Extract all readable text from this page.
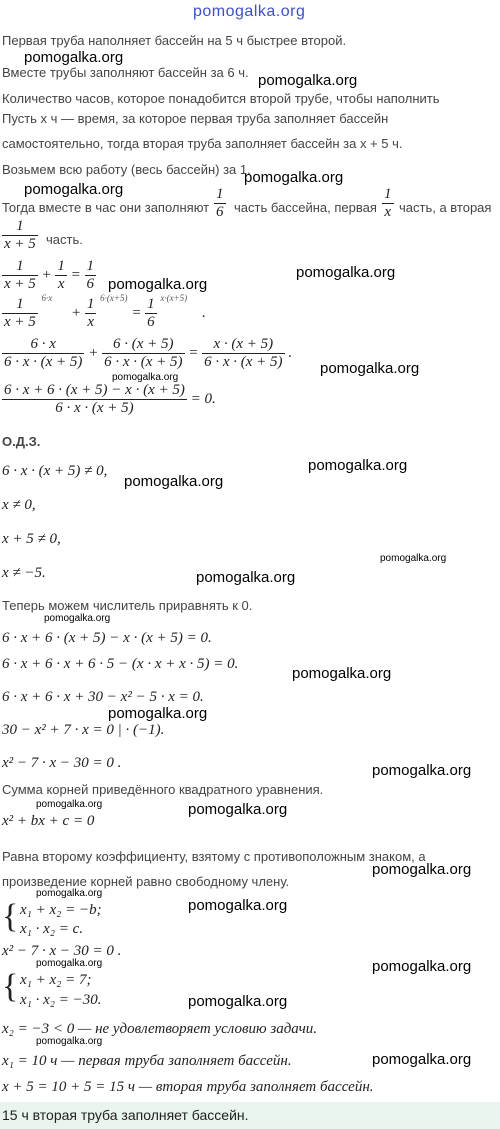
pomogalka.org
Первая труба наполняет бассейн на 5 ч быстрее второй.
pomogalka.org
Вместе трубы заполняют бассейн за 6 ч. pomogalka.org
Количество часов, которое понадобится второй трубе, чтобы наполнить
Пусть x ч — время, за которое первая труба заполняет бассейн
самостоятельно, тогда вторая труба заполняет бассейн за x + 5 ч.
Возьмем всю работу (весь бассейн) за 1.
pomogalka.org
pomogalka.org
Тогда вместе в час они заполняют $\frac{1}{6}$ часть бассейна, первая $\frac{1}{x}$ часть, а вторая
$\frac{1}{x + 5}$ часть.
$\frac{1}{x + 5} + \frac{1}{x} = \frac{1}{6}$ pomogalka.org
pomogalka.org
$\frac{1}{x + 5} ^{6\cdot x}$     + $\frac{1}{x} ^{6\cdot(x+5)} = \frac{1}{6} ^{x\cdot(x+5)}$    .
$\frac{6 \cdot x}{6 \cdot x \cdot (x + 5)} + \frac{6 \cdot (x + 5)}{6 \cdot x \cdot (x + 5)} = \frac{x \cdot (x + 5)}{6 \cdot x \cdot (x + 5)}$ .
pomogalka.org
pomogalka.org
$\frac{6 \cdot x + 6 \cdot (x + 5) - x \cdot (x + 5)}{6 \cdot x \cdot (x + 5)} = 0$.
О.Д.З.
6 · x · (x + 5) ≠ 0,	pomogalka.org
pomogalka.org
x ≠ 0,
x + 5 ≠ 0,
pomogalka.org
x ≠ −5.	pomogalka.org
Теперь можем числитель приравнять к 0.
pomogalka.org
6 · x + 6 · (x + 5) − x · (x + 5) = 0.
6 · x + 6 · x + 6 · 5 − (x · x + x · 5) = 0.
pomogalka.org
6 · x + 6 · x + 30 − x² − 5 · x = 0.
pomogalka.org
30 − x² + 7 · x = 0 | · (−1).
x² − 7 · x − 30 = 0 .	pomogalka.org
Сумма корней приведённого квадратного уравнения.
pomogalka.org	pomogalka.org
x² + bx + c = 0
Равна второму коэффициенту, взятому с противоположным знаком, а
pomogalka.org
произведение корней равно свободному члену.
pomogalka.org
pomogalka.org
{ x₁ + x₂ = −b;
x₁ · x₂ = c.
x² − 7 · x − 30 = 0 .
pomogalka.org	pomogalka.org
{ x₁ + x₂ = 7;
x₁ · x₂ = −30.	pomogalka.org
x₂ = −3 < 0 — не удовлетворяет условию задачи.
pomogalka.org
x₁ = 10 ч — первая труба заполняет бассейн.	pomogalka.org
x + 5 = 10 + 5 = 15 ч — вторая труба заполняет бассейн.
15 ч вторая труба заполняет бассейн.
